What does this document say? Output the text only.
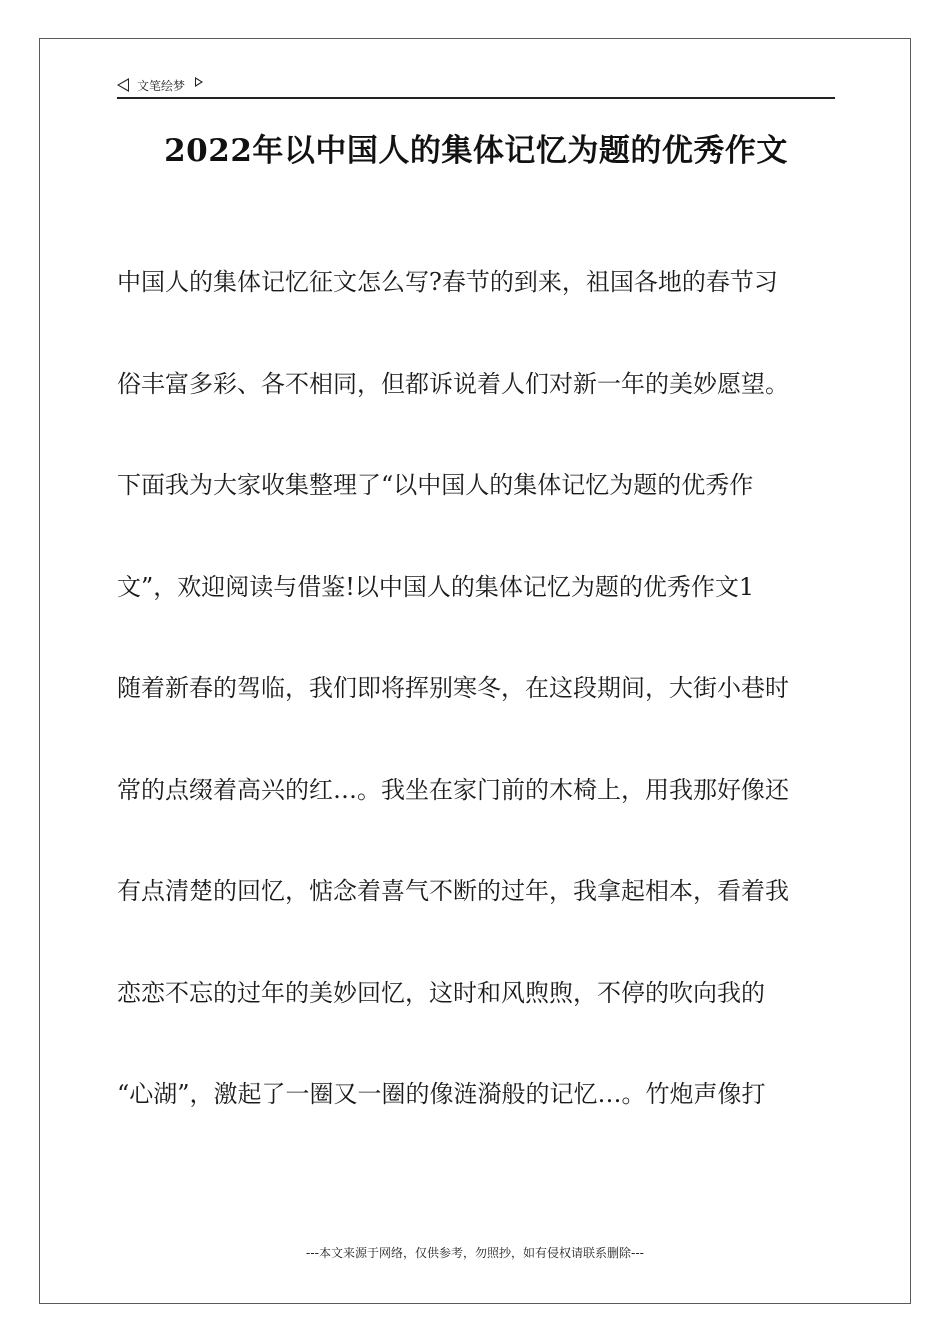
文笔绘梦
2022年以中国人的集体记忆为题的优秀作文
中国人的集体记忆征文怎么写?春节的到来，祖国各地的春节习
俗丰富多彩、各不相同，但都诉说着人们对新一年的美妙愿望。
下面我为大家收集整理了“以中国人的集体记忆为题的优秀作
文”，欢迎阅读与借鉴!以中国人的集体记忆为题的优秀作文1
随着新春的驾临，我们即将挥别寒冬，在这段期间，大街小巷时
常的点缀着高兴的红…。我坐在家门前的木椅上，用我那好像还
有点清楚的回忆，惦念着喜气不断的过年，我拿起相本，看着我
恋恋不忘的过年的美妙回忆，这时和风煦煦，不停的吹向我的
“心湖”，激起了一圈又一圈的像涟漪般的记忆…。竹炮声像打
---本文来源于网络，仅供参考，勿照抄，如有侵权请联系删除---
